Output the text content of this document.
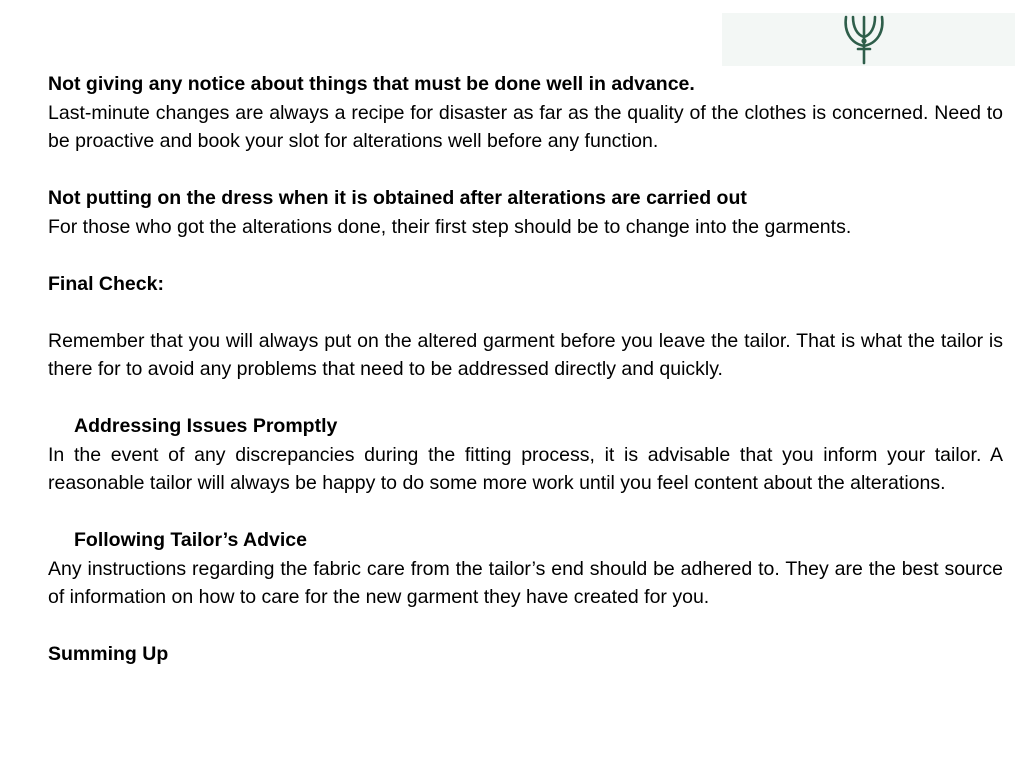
Not giving any notice about things that must be done well in advance.

Last-minute changes are always a recipe for disaster as far as the quality of the clothes is concerned. Need to be proactive and book your slot for alterations well before any function.

Not putting on the dress when it is obtained after alterations are carried out

For those who got the alterations done, their first step should be to change into the garments.

Final Check:

Remember that you will always put on the altered garment before you leave the tailor. That is what the tailor is there for to avoid any problems that need to be addressed directly and quickly.

Addressing Issues Promptly

In the event of any discrepancies during the fitting process, it is advisable that you inform your tailor. A reasonable tailor will always be happy to do some more work until you feel content about the alterations.

Following Tailor’s Advice

Any instructions regarding the fabric care from the tailor’s end should be adhered to. They are the best source of information on how to care for the new garment they have created for you.

Summing Up
